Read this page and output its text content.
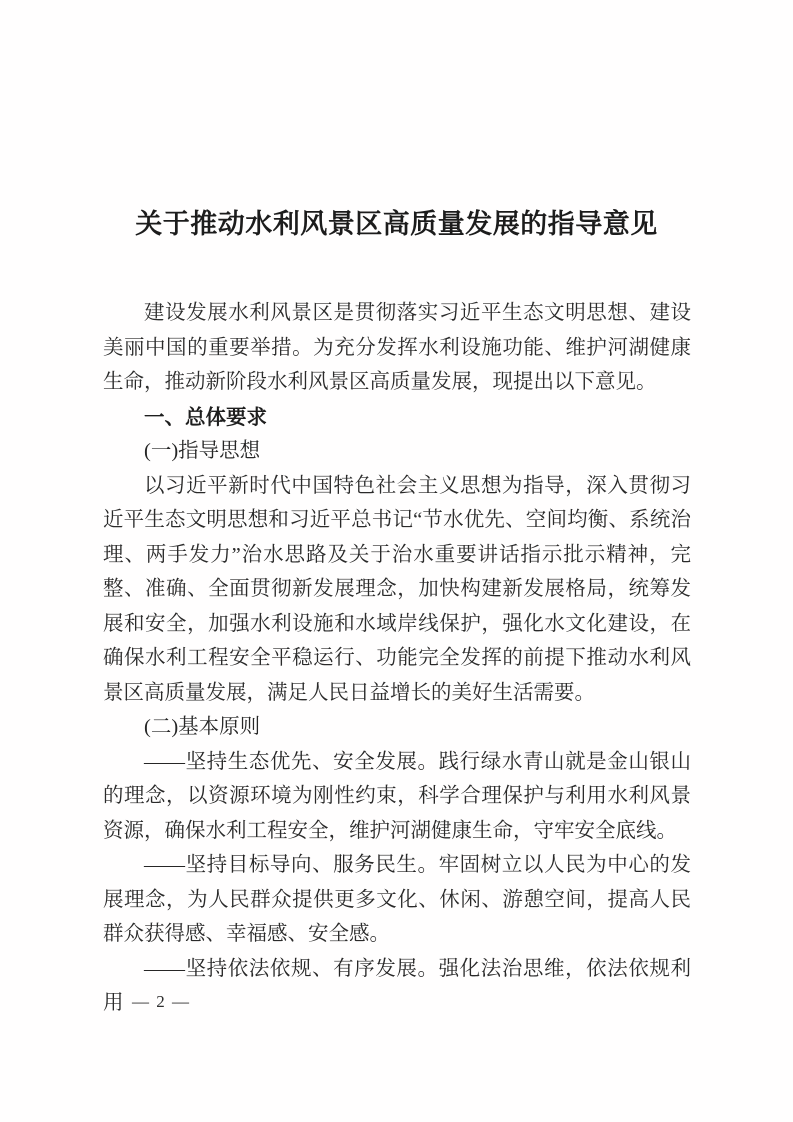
关于推动水利风景区高质量发展的指导意见

建设发展水利风景区是贯彻落实习近平生态文明思想、建设美丽中国的重要举措。为充分发挥水利设施功能、维护河湖健康生命，推动新阶段水利风景区高质量发展，现提出以下意见。

一、总体要求

(一)指导思想

以习近平新时代中国特色社会主义思想为指导，深入贯彻习近平生态文明思想和习近平总书记“节水优先、空间均衡、系统治理、两手发力”治水思路及关于治水重要讲话指示批示精神，完整、准确、全面贯彻新发展理念，加快构建新发展格局，统筹发展和安全，加强水利设施和水域岸线保护，强化水文化建设，在确保水利工程安全平稳运行、功能完全发挥的前提下推动水利风景区高质量发展，满足人民日益增长的美好生活需要。

(二)基本原则

——坚持生态优先、安全发展。践行绿水青山就是金山银山的理念，以资源环境为刚性约束，科学合理保护与利用水利风景资源，确保水利工程安全，维护河湖健康生命，守牢安全底线。

——坚持目标导向、服务民生。牢固树立以人民为中心的发展理念，为人民群众提供更多文化、休闲、游憩空间，提高人民群众获得感、幸福感、安全感。

——坚持依法依规、有序发展。强化法治思维，依法依规利用 — 2 —
